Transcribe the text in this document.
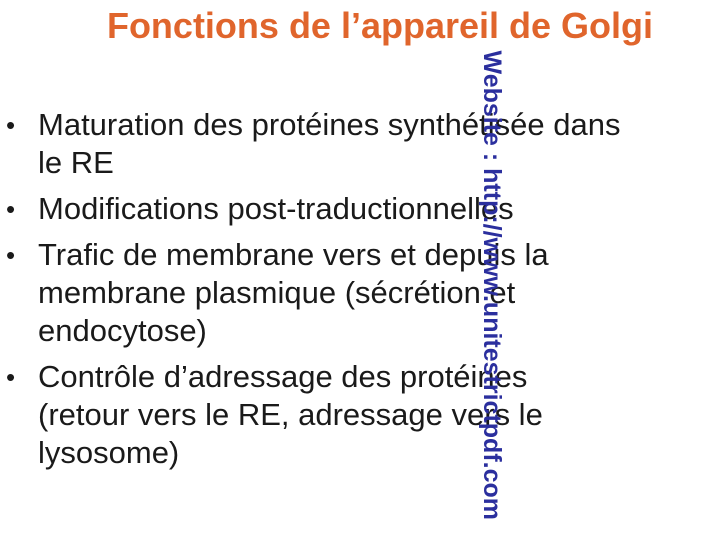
Fonctions de l’appareil de Golgi
• Maturation des protéines synthétisée dans
le RE
• Modifications post-traductionnelles
• Trafic de membrane vers et depuis la
membrane plasmique (sécrétion et
endocytose)
• Contrôle d’adressage des protéines
(retour vers le RE, adressage vers le
lysosome)	Website : http://www.unitestrictpdf.com
